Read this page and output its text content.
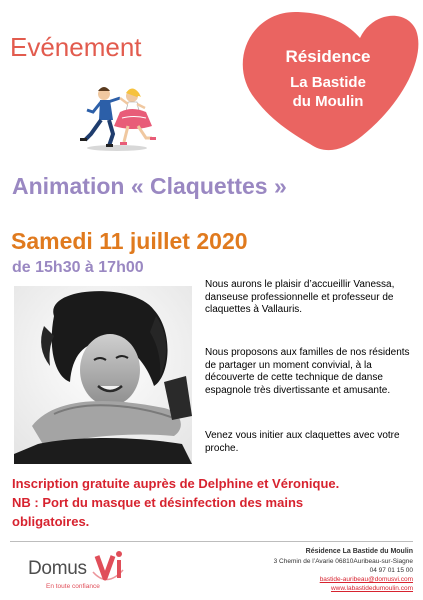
Résidence
La Bastide
du Moulin
Evénement
Animation « Claquettes »
Samedi 11 juillet 2020
de 15h30 à 17h00
Nous aurons le plaisir d’accueillir Vanessa, danseuse professionnelle et professeur de claquettes à Vallauris.
Nous proposons aux familles de nos résidents de partager un moment convivial, à la découverte de cette technique de danse espagnole très divertissante et amusante.
Venez vous initier aux claquettes avec votre proche.
Inscription gratuite auprès de Delphine et Véronique.
NB : Port du masque et désinfection des mains
obligatoires.
Domus
En toute confiance
Résidence La Bastide du Moulin
3 Chemin de l’Avarie 06810Auribeau-sur-Siagne
04 97 01 15 00
bastide-auribeau@domusvi.com
www.labastidedumoulin.com
